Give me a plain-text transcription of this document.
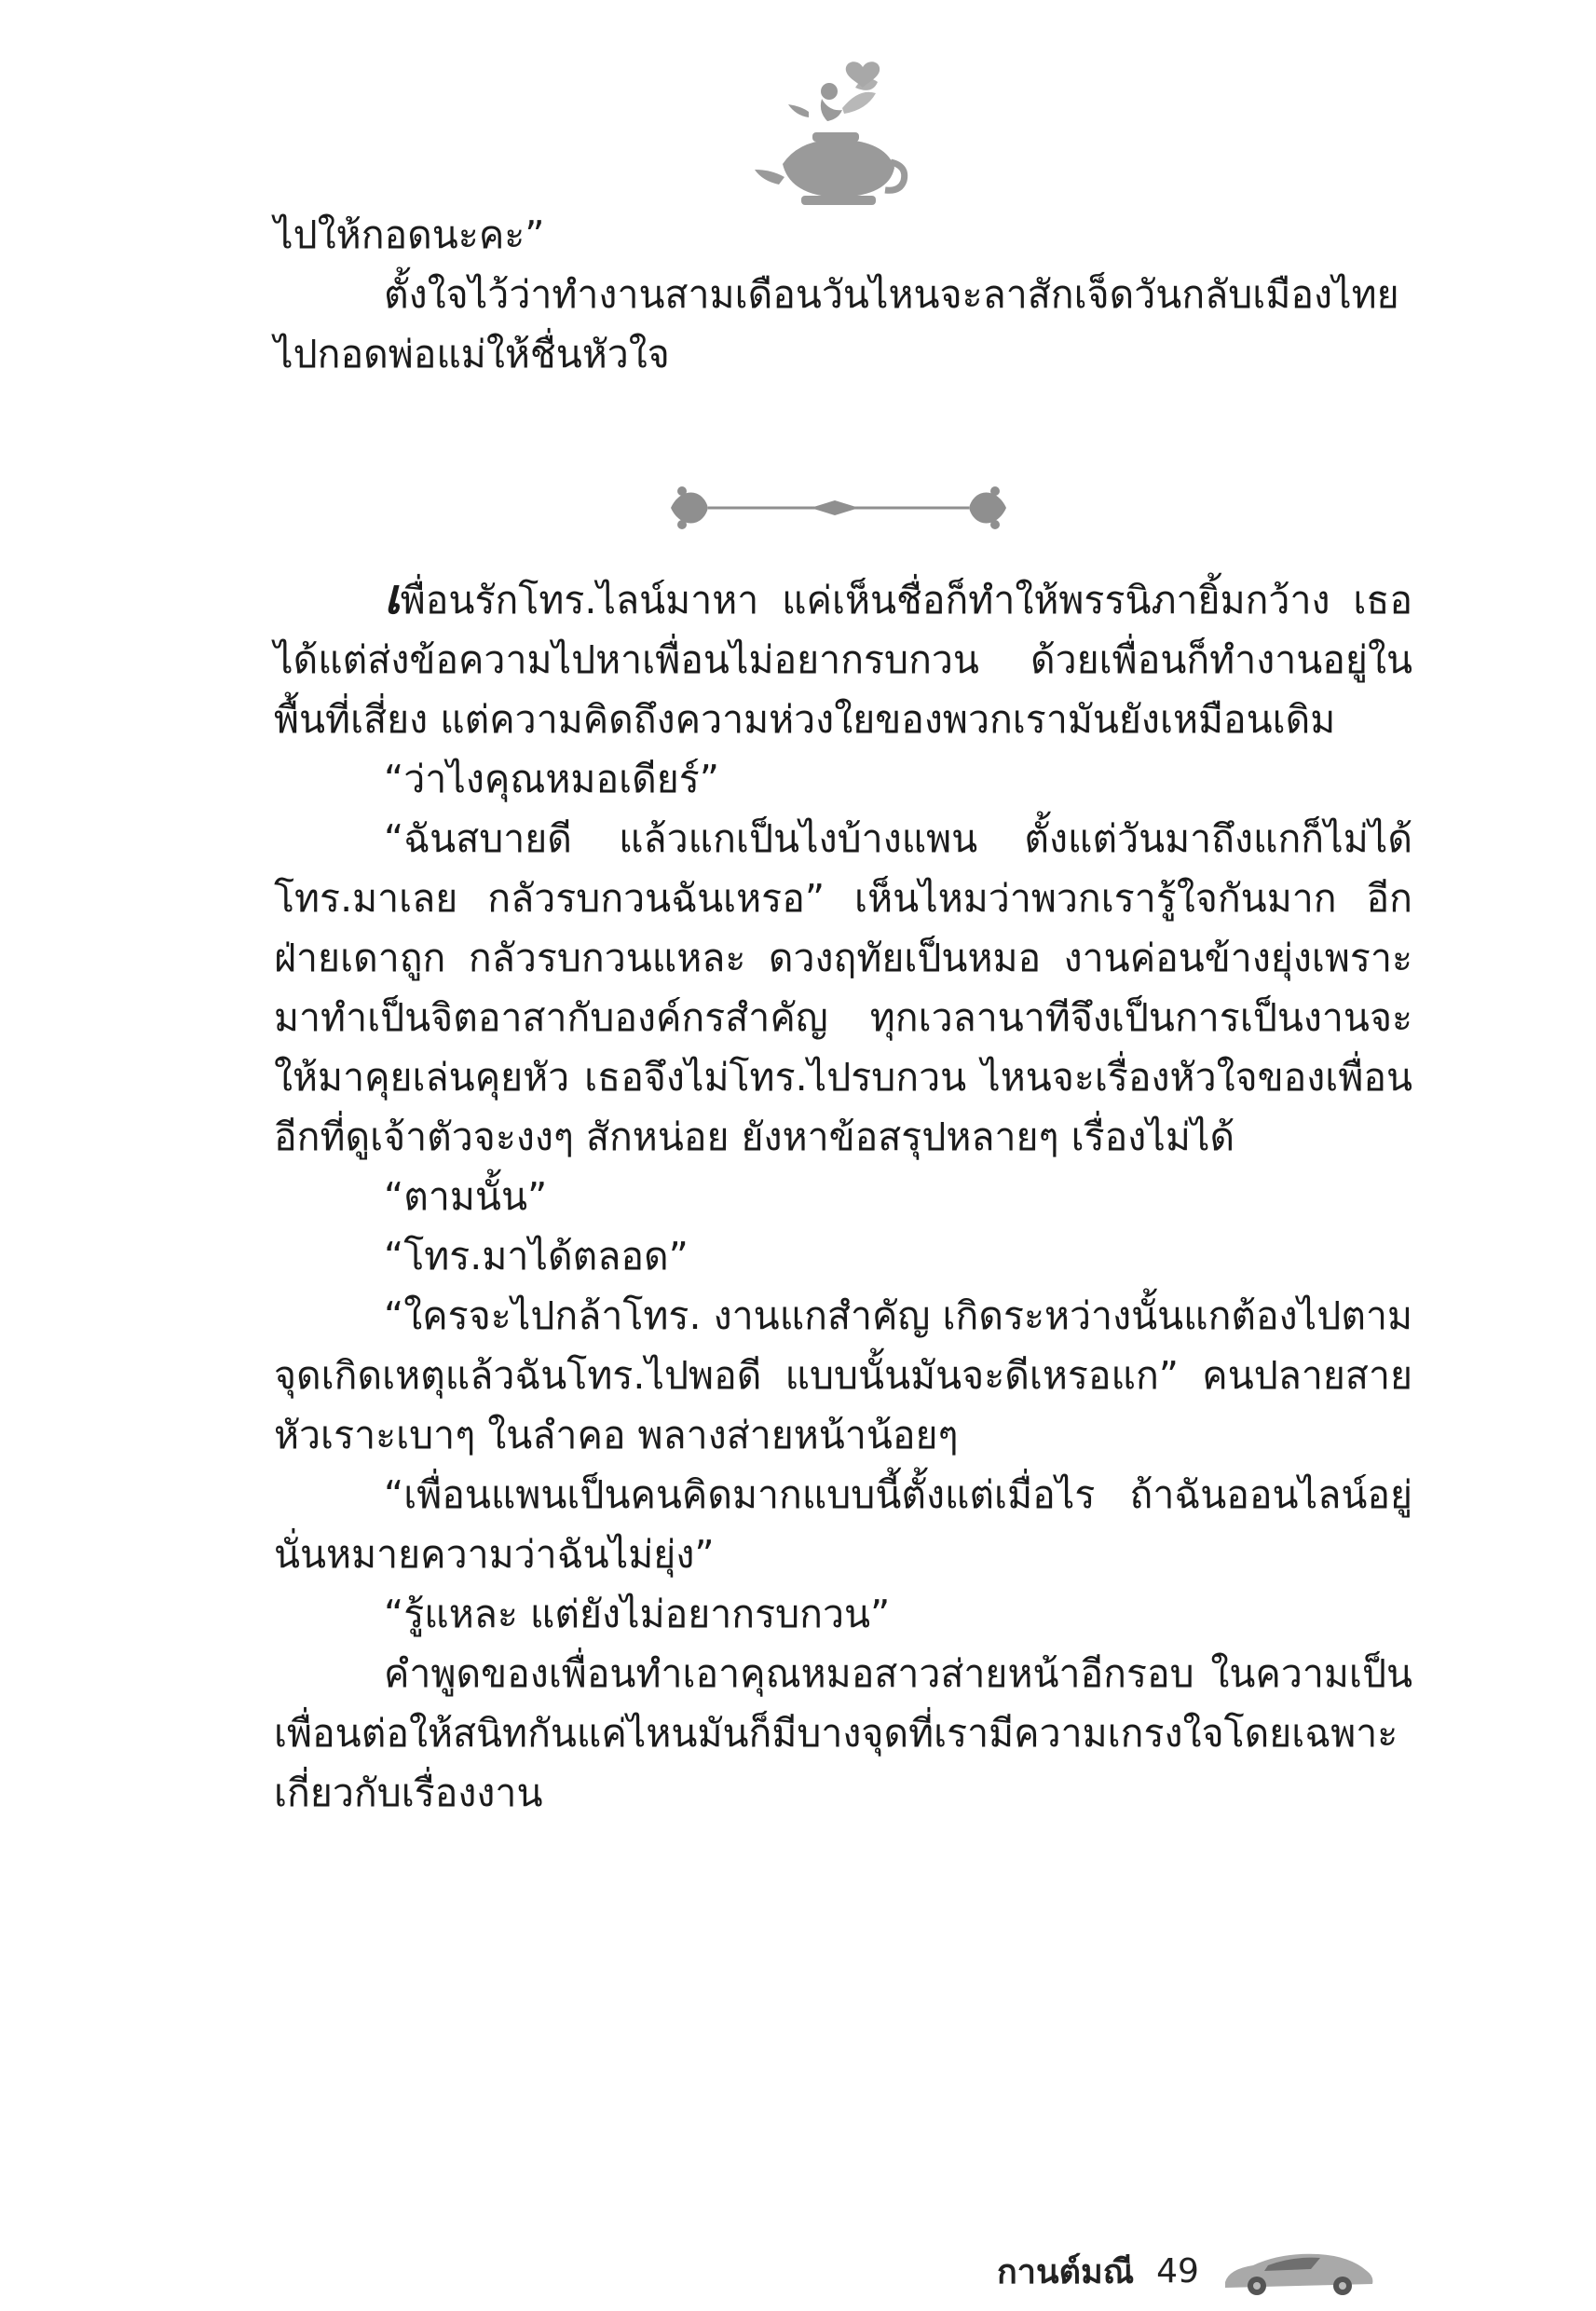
ไปให้กอดนะคะ”

ตั้งใจไว้ว่าทำงานสามเดือนวันไหนจะลาสักเจ็ดวันกลับเมืองไทยไปกอดพ่อแม่ให้ชื่นหัวใจ

เพื่อนรักโทร.ไลน์มาหา แค่เห็นชื่อก็ทำให้พรรนิภายิ้มกว้าง เธอได้แต่ส่งข้อความไปหาเพื่อนไม่อยากรบกวน ด้วยเพื่อนก็ทำงานอยู่ในพื้นที่เสี่ยง แต่ความคิดถึงความห่วงใยของพวกเรามันยังเหมือนเดิม

“ว่าไงคุณหมอเดียร์”

“ฉันสบายดี แล้วแกเป็นไงบ้างแพน ตั้งแต่วันมาถึงแกก็ไม่ได้โทร.มาเลย กลัวรบกวนฉันเหรอ” เห็นไหมว่าพวกเรารู้ใจกันมาก อีกฝ่ายเดาถูก กลัวรบกวนแหละ ดวงฤทัยเป็นหมอ งานค่อนข้างยุ่งเพราะมาทำเป็นจิตอาสากับองค์กรสำคัญ ทุกเวลานาทีจึงเป็นการเป็นงานจะให้มาคุยเล่นคุยหัว เธอจึงไม่โทร.ไปรบกวน ไหนจะเรื่องหัวใจของเพื่อนอีกที่ดูเจ้าตัวจะงงๆ สักหน่อย ยังหาข้อสรุปหลายๆ เรื่องไม่ได้

“ตามนั้น”

“โทร.มาได้ตลอด”

“ใครจะไปกล้าโทร. งานแกสำคัญ เกิดระหว่างนั้นแกต้องไปตามจุดเกิดเหตุแล้วฉันโทร.ไปพอดี แบบนั้นมันจะดีเหรอแก” คนปลายสายหัวเราะเบาๆ ในลำคอ พลางส่ายหน้าน้อยๆ

“เพื่อนแพนเป็นคนคิดมากแบบนี้ตั้งแต่เมื่อไร ถ้าฉันออนไลน์อยู่นั่นหมายความว่าฉันไม่ยุ่ง”

“รู้แหละ แต่ยังไม่อยากรบกวน”

คำพูดของเพื่อนทำเอาคุณหมอสาวส่ายหน้าอีกรอบ ในความเป็นเพื่อนต่อให้สนิทกันแค่ไหนมันก็มีบางจุดที่เรามีความเกรงใจโดยเฉพาะเกี่ยวกับเรื่องงาน

กานต์มณี 49
